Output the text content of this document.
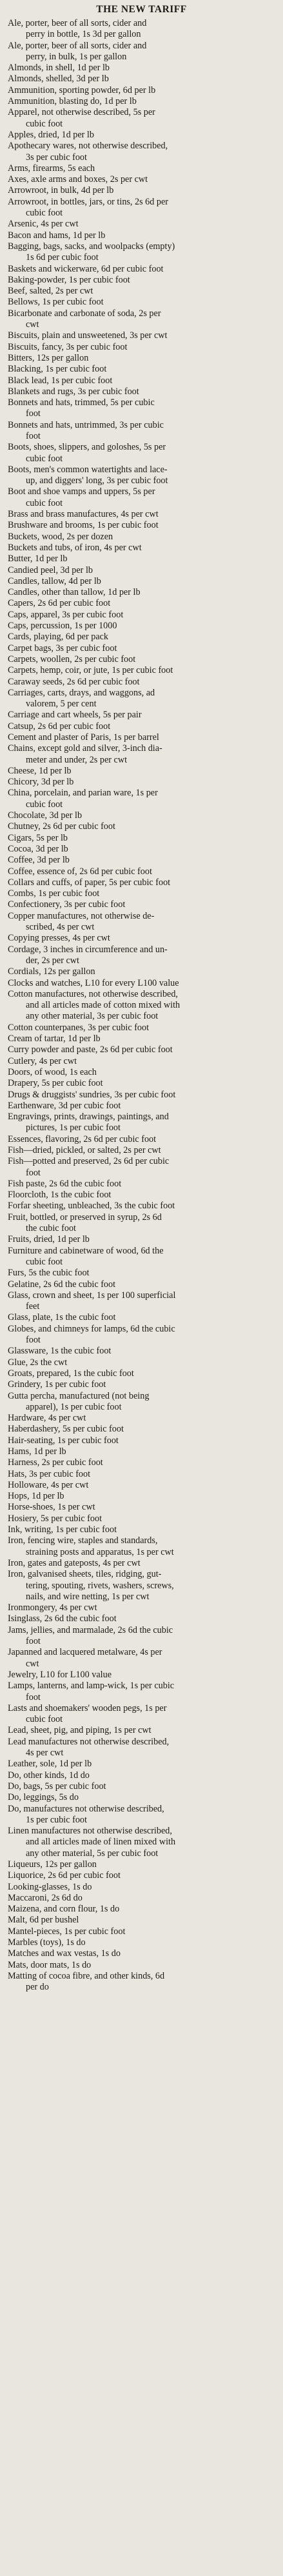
THE NEW TARIFF
Ale, porter, beer of all sorts, cider and
perry in bottle, 1s 3d per gallon
Ale, porter, beer of all sorts, cider and
perry, in bulk, 1s per gallon
Almonds, in shell, 1d per lb
Almonds, shelled, 3d per lb
Ammunition, sporting powder, 6d per lb
Ammunition, blasting do, 1d per lb
Apparel, not otherwise described, 5s per
cubic foot
Apples, dried, 1d per lb
Apothecary wares, not otherwise described,
3s per cubic foot
Arms, firearms, 5s each
Axes, axle arms and boxes, 2s per cwt
Arrowroot, in bulk, 4d per lb
Arrowroot, in bottles, jars, or tins, 2s 6d per
cubic foot
Arsenic, 4s per cwt
Bacon and hams, 1d per lb
Bagging, bags, sacks, and woolpacks (empty)
1s 6d per cubic foot
Baskets and wickerware, 6d per cubic foot
Baking-powder, 1s per cubic foot
Beef, salted, 2s per cwt
Bellows, 1s per cubic foot
Bicarbonate and carbonate of soda, 2s per
cwt
Biscuits, plain and unsweetened, 3s per cwt
Biscuits, fancy, 3s per cubic foot
Bitters, 12s per gallon
Blacking, 1s per cubic foot
Black lead, 1s per cubic foot
Blankets and rugs, 3s per cubic foot
Bonnets and hats, trimmed, 5s per cubic
foot
Bonnets and hats, untrimmed, 3s per cubic
foot
Boots, shoes, slippers, and goloshes, 5s per
cubic foot
Boots, men's common watertights and lace-
up, and diggers' long, 3s per cubic foot
Boot and shoe vamps and uppers, 5s per
cubic foot
Brass and brass manufactures, 4s per cwt
Brushware and brooms, 1s per cubic foot
Buckets, wood, 2s per dozen
Buckets and tubs, of iron, 4s per cwt
Butter, 1d per lb
Candied peel, 3d per lb
Candles, tallow, 4d per lb
Candles, other than tallow, 1d per lb
Capers, 2s 6d per cubic foot
Caps, apparel, 3s per cubic foot
Caps, percussion, 1s per 1000
Cards, playing, 6d per pack
Carpet bags, 3s per cubic foot
Carpets, woollen, 2s per cubic foot
Carpets, hemp, coir, or jute, 1s per cubic foot
Caraway seeds, 2s 6d per cubic foot
Carriages, carts, drays, and waggons, ad
valorem, 5 per cent
Carriage and cart wheels, 5s per pair
Catsup, 2s 6d per cubic foot
Cement and plaster of Paris, 1s per barrel
Chains, except gold and silver, 3-inch dia-
meter and under, 2s per cwt
Cheese, 1d per lb
Chicory, 3d per lb
China, porcelain, and parian ware, 1s per
cubic foot
Chocolate, 3d per lb
Chutney, 2s 6d per cubic foot
Cigars, 5s per lb
Cocoa, 3d per lb
Coffee, 3d per lb
Coffee, essence of, 2s 6d per cubic foot
Collars and cuffs, of paper, 5s per cubic foot
Combs, 1s per cubic foot
Confectionery, 3s per cubic foot
Copper manufactures, not otherwise de-
scribed, 4s per cwt
Copying presses, 4s per cwt
Cordage, 3 inches in circumference and un-
der, 2s per cwt
Cordials, 12s per gallon
Clocks and watches, L10 for every L100 value
Cotton manufactures, not otherwise described,
and all articles made of cotton mixed with
any other material, 3s per cubic foot
Cotton counterpanes, 3s per cubic foot
Cream of tartar, 1d per lb
Curry powder and paste, 2s 6d per cubic foot
Cutlery, 4s per cwt
Doors, of wood, 1s each
Drapery, 5s per cubic foot
Drugs & druggists' sundries, 3s per cubic foot
Earthenware, 3d per cubic foot
Engravings, prints, drawings, paintings, and
pictures, 1s per cubic foot
Essences, flavoring, 2s 6d per cubic foot
Fish—dried, pickled, or salted, 2s per cwt
Fish—potted and preserved, 2s 6d per cubic
foot
Fish paste, 2s 6d the cubic foot
Floorcloth, 1s the cubic foot
Forfar sheeting, unbleached, 3s the cubic foot
Fruit, bottled, or preserved in syrup, 2s 6d
the cubic foot
Fruits, dried, 1d per lb
Furniture and cabinetware of wood, 6d the
cubic foot
Furs, 5s the cubic foot
Gelatine, 2s 6d the cubic foot
Glass, crown and sheet, 1s per 100 superficial
feet
Glass, plate, 1s the cubic foot
Globes, and chimneys for lamps, 6d the cubic
foot
Glassware, 1s the cubic foot
Glue, 2s the cwt
Groats, prepared, 1s the cubic foot
Grindery, 1s per cubic foot
Gutta percha, manufactured (not being
apparel), 1s per cubic foot
Hardware, 4s per cwt
Haberdashery, 5s per cubic foot
Hair-seating, 1s per cubic foot
Hams, 1d per lb
Harness, 2s per cubic foot
Hats, 3s per cubic foot
Holloware, 4s per cwt
Hops, 1d per lb
Horse-shoes, 1s per cwt
Hosiery, 5s per cubic foot
Ink, writing, 1s per cubic foot
Iron, fencing wire, staples and standards,
straining posts and apparatus, 1s per cwt
Iron, gates and gateposts, 4s per cwt
Iron, galvanised sheets, tiles, ridging, gut-
tering, spouting, rivets, washers, screws,
nails, and wire netting, 1s per cwt
Ironmongery, 4s per cwt
Isinglass, 2s 6d the cubic foot
Jams, jellies, and marmalade, 2s 6d the cubic
foot
Japanned and lacquered metalware, 4s per
cwt
Jewelry, L10 for L100 value
Lamps, lanterns, and lamp-wick, 1s per cubic
foot
Lasts and shoemakers' wooden pegs, 1s per
cubic foot
Lead, sheet, pig, and piping, 1s per cwt
Lead manufactures not otherwise described,
4s per cwt
Leather, sole, 1d per lb
Do, other kinds, 1d do
Do, bags, 5s per cubic foot
Do, leggings, 5s do
Do, manufactures not otherwise described,
1s per cubic foot
Linen manufactures not otherwise described,
and all articles made of linen mixed with
any other material, 5s per cubic foot
Liqueurs, 12s per gallon
Liquorice, 2s 6d per cubic foot
Looking-glasses, 1s do
Maccaroni, 2s 6d do
Maizena, and corn flour, 1s do
Malt, 6d per bushel
Mantel-pieces, 1s per cubic foot
Marbles (toys), 1s do
Matches and wax vestas, 1s do
Mats, door mats, 1s do
Matting of cocoa fibre, and other kinds, 6d
per do
